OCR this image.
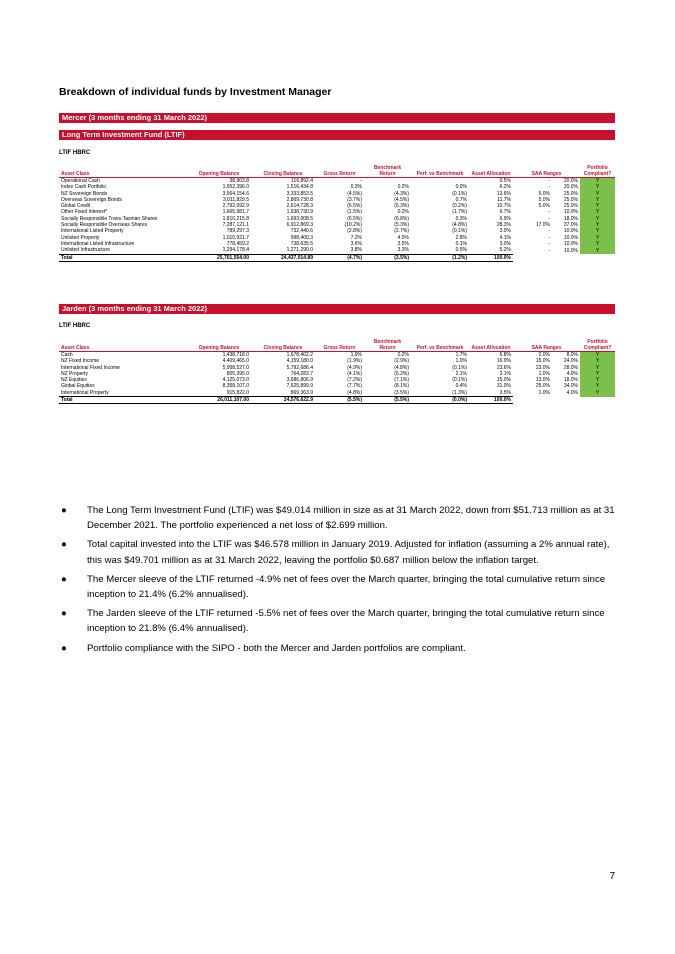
Breakdown of individual funds by Investment Manager
Mercer (3 months ending 31 March 2022)
Long Term Investment Fund (LTIF)
LTIF HBRC
Asset Class	Opening Balance	Closing Balance	Gross Return	Benchmark Return	Perf. vs Benchmark	Asset Allocation	SAA Ranges		Portfolio Compliant?
Operational Cash	38,903.8	116,892.4	-			0.5%	-	20.0%	Y
Index Cash Portfolio	1,652,396.0	1,516,434.8	0.3%	0.2%	0.0%	6.2%	-	20.0%	Y
NZ Sovereign Bonds	3,564,154.6	3,333,853.5	(4.5%)	(4.3%)	(0.1%)	13.6%	5.0%	25.0%	Y
Overseas Sovereign Bonds	3,011,829.5	2,869,730.8	(3.7%)	(4.5%)	0.7%	11.7%	5.0%	25.0%	Y
Global Credit	2,792,092.9	2,614,728.3	(6.5%)	(6.3%)	(0.2%)	10.7%	5.0%	25.0%	Y
Other Fixed Interest*	1,665,981.7	1,638,730.9	(1.5%)	0.2%	(1.7%)	6.7%	-	10.0%	Y
Socially Responsible Trans-Tasman Shares	1,816,215.8	1,693,008.5	(6.5%)	(6.8%)	0.3%	6.9%	-	18.0%	Y
Socially Responsible Overseas Shares	7,287,121.1	6,912,869.3	(10.2%)	(5.3%)	(4.8%)	28.3%	17.0%	37.0%	Y
International Listed Property	789,297.3	732,440.6	(2.8%)	(2.7%)	(0.1%)	3.0%	-	10.0%	Y
Unlisted Property	1,010,921.7	998,400.3	7.2%	4.5%	2.8%	4.1%	-	10.0%	Y
International Listed Infrastructure	778,459.2	738,635.5	3.6%	3.5%	0.1%	3.0%	-	10.0%	Y
Unlisted Infrastructure	1,294,178.4	1,271,290.0	3.8%	3.3%	0.5%	5.2%	-	10.0%	Y
Total	25,701,554.00	24,437,014.89	(4.7%)	(3.5%)	(1.2%)	100.0%			
Jarden (3 months ending 31 March 2022)
LTIF HBRC
Asset Class	Opening Balance	Closing Balance	Gross Return	Benchmark Return	Perf. vs Benchmark	Asset Allocation	SAA Ranges		Portfolio Compliant?
Cash	1,438,718.0	1,678,402.2	1.9%	0.2%	1.7%	6.8%	2.0%	8.0%	Y
NZ Fixed Income	4,409,465.0	4,159,180.0	(1.9%)	(2.9%)	1.0%	16.9%	15.0%	24.0%	Y
International Fixed Income	5,958,527.0	5,792,686.4	(4.9%)	(4.8%)	(0.1%)	23.6%	23.0%	28.0%	Y
NZ Property	805,395.0	764,283.7	(4.1%)	(6.2%)	2.1%	3.1%	1.0%	4.0%	Y
NZ Equities	4,125,073.0	3,686,806.9	(7.2%)	(7.1%)	(0.1%)	15.0%	13.0%	18.0%	Y
Global Equities	8,358,107.0	7,625,899.9	(7.7%)	(8.1%)	0.4%	31.0%	25.0%	34.0%	Y
International Property	915,822.0	869,363.9	(4.8%)	(3.5%)	(1.3%)	3.5%	1.0%	4.0%	Y
Total	26,011,107.00	24,576,622.9	(5.5%)	(5.5%)	(0.0%)	100.0%			
● The Long Term Investment Fund (LTIF) was $49.014 million in size as at 31 March 2022, down from $51.713 million as at 31 December 2021. The portfolio experienced a net loss of $2.699 million.
● Total capital invested into the LTIF was $46.578 million in January 2019. Adjusted for inflation (assuming a 2% annual rate), this was $49.701 million as at 31 March 2022, leaving the portfolio $0.687 million below the inflation target.
● The Mercer sleeve of the LTIF returned -4.9% net of fees over the March quarter, bringing the total cumulative return since inception to 21.4% (6.2% annualised).
● The Jarden sleeve of the LTIF returned -5.5% net of fees over the March quarter, bringing the total cumulative return since inception to 21.8% (6.4% annualised).
● Portfolio compliance with the SIPO - both the Mercer and Jarden portfolios are compliant.
7
